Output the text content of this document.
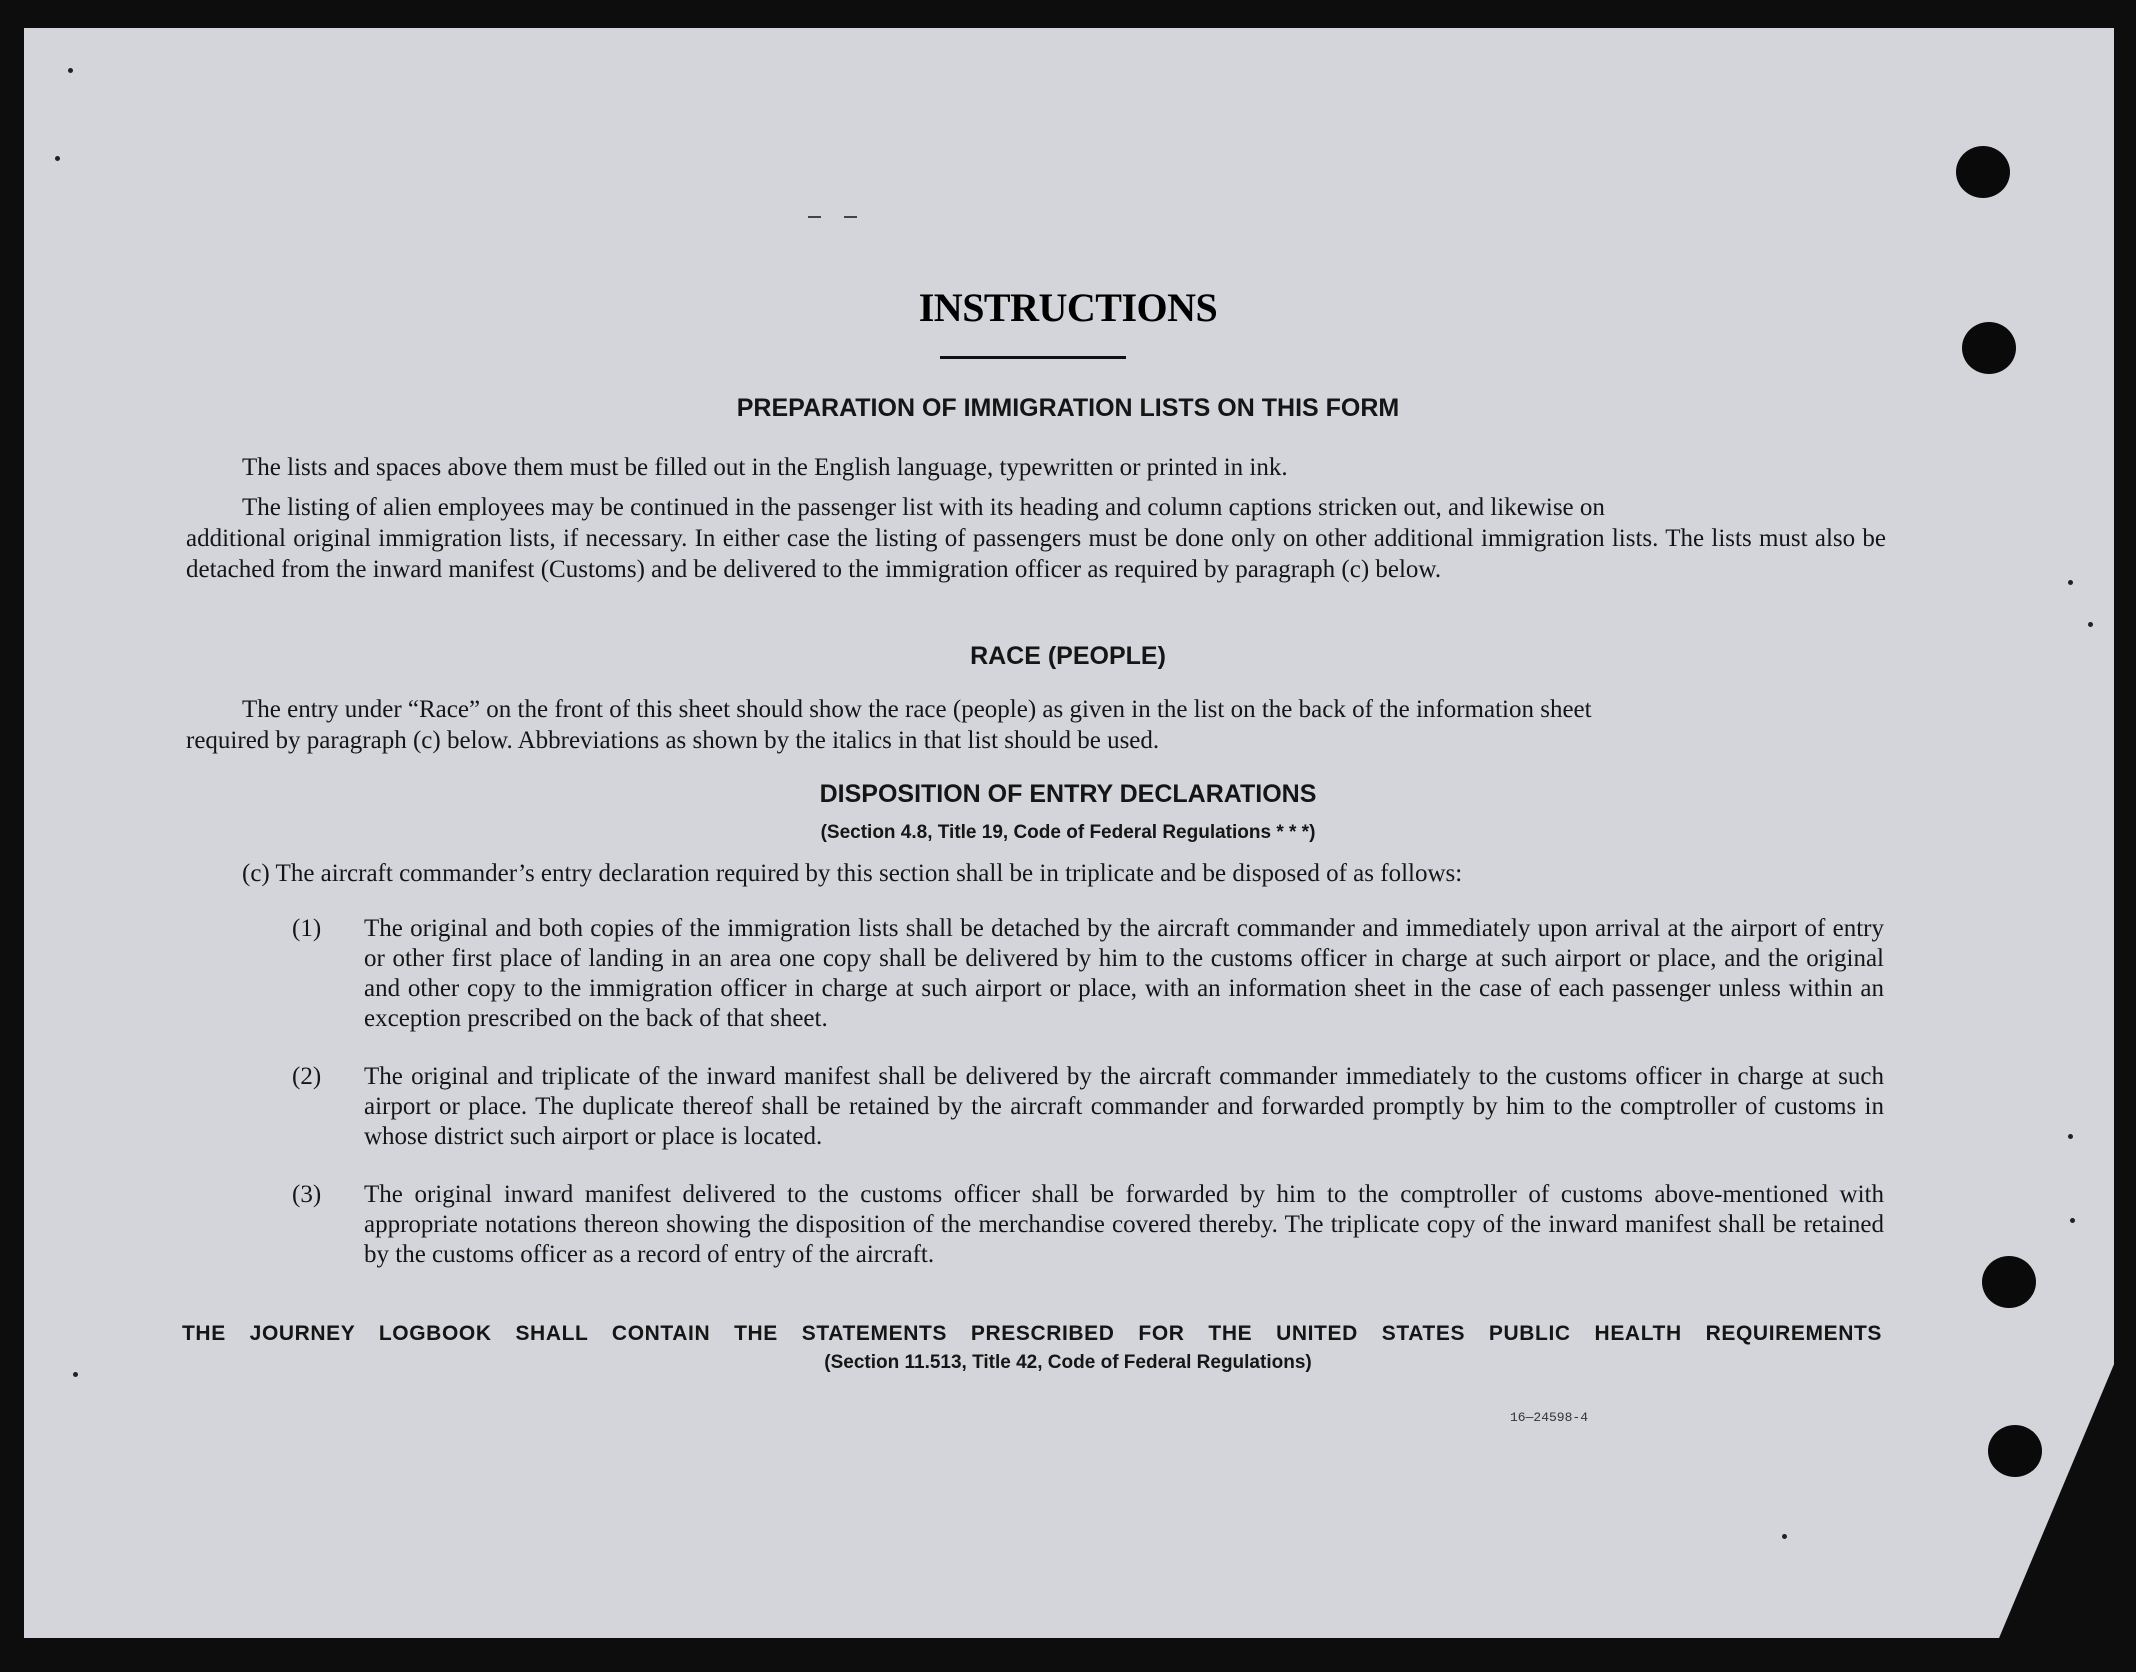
INSTRUCTIONS
PREPARATION OF IMMIGRATION LISTS ON THIS FORM
The lists and spaces above them must be filled out in the English language, typewritten or printed in ink.
The listing of alien employees may be continued in the passenger list with its heading and column captions stricken out, and likewise on
additional original immigration lists, if necessary. In either case the listing of passengers must be done only on other additional immigration lists. The lists must also be detached from the inward manifest (Customs) and be delivered to the immigration officer as required by paragraph (c) below.
RACE (PEOPLE)
The entry under “Race” on the front of this sheet should show the race (people) as given in the list on the back of the information sheet
required by paragraph (c) below. Abbreviations as shown by the italics in that list should be used.
DISPOSITION OF ENTRY DECLARATIONS
(Section 4.8, Title 19, Code of Federal Regulations * * *)
(c) The aircraft commander’s entry declaration required by this section shall be in triplicate and be disposed of as follows:
(1) The original and both copies of the immigration lists shall be detached by the aircraft commander and immediately upon arrival at the airport of entry or other first place of landing in an area one copy shall be delivered by him to the customs officer in charge at such airport or place, and the original and other copy to the immigration officer in charge at such airport or place, with an information sheet in the case of each passenger unless within an exception prescribed on the back of that sheet.
(2) The original and triplicate of the inward manifest shall be delivered by the aircraft commander immediately to the customs officer in charge at such airport or place. The duplicate thereof shall be retained by the aircraft commander and forwarded promptly by him to the comptroller of customs in whose district such airport or place is located.
(3) The original inward manifest delivered to the customs officer shall be forwarded by him to the comptroller of customs above-mentioned with appropriate notations thereon showing the disposition of the merchandise covered thereby. The triplicate copy of the inward manifest shall be retained by the customs officer as a record of entry of the aircraft.
THE JOURNEY LOGBOOK SHALL CONTAIN THE STATEMENTS PRESCRIBED FOR THE UNITED STATES PUBLIC HEALTH REQUIREMENTS
(Section 11.513, Title 42, Code of Federal Regulations)
16—24598-4
